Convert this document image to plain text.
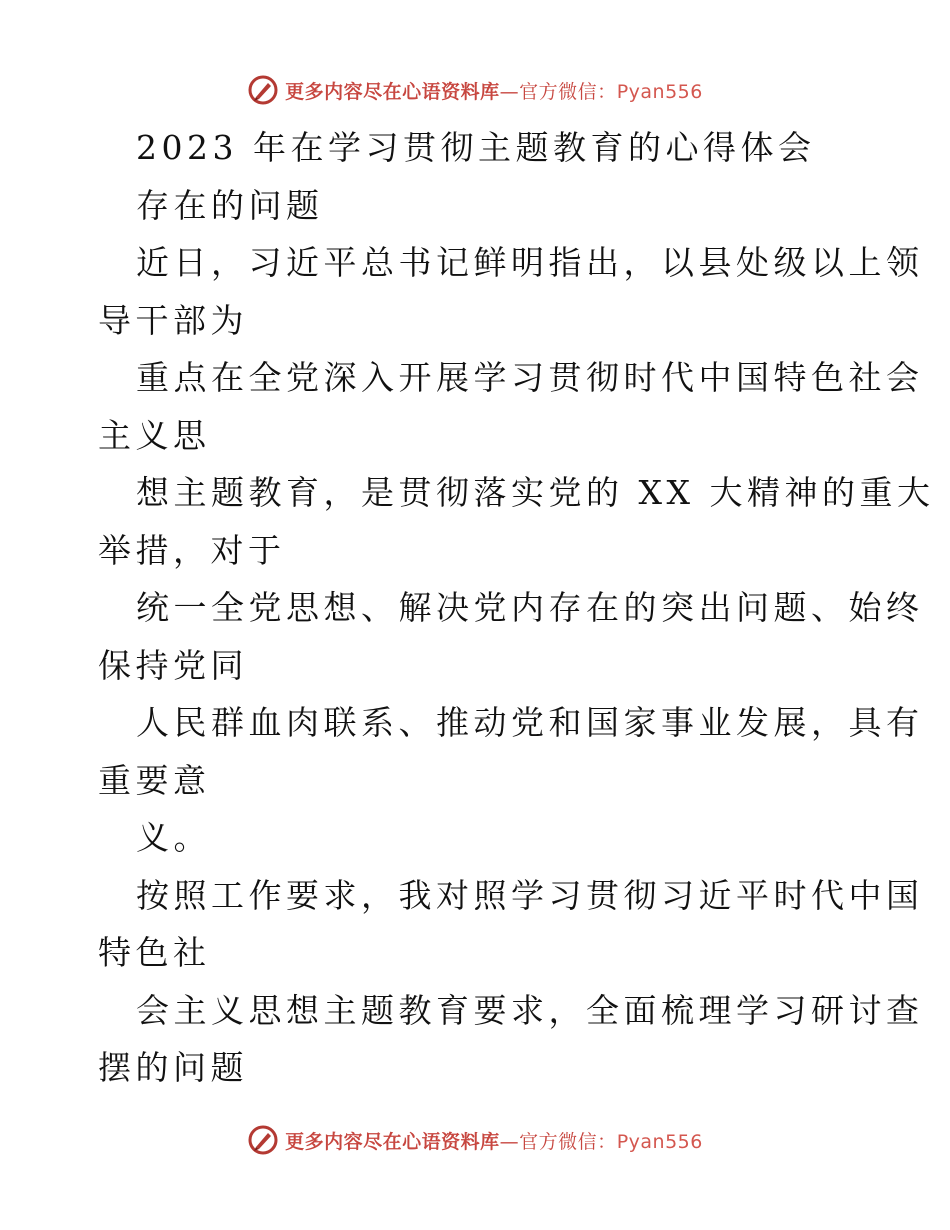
更多内容尽在心语资料库—官方微信：Pyan556
2023 年在学习贯彻主题教育的心得体会
存在的问题
近日，习近平总书记鲜明指出，以县处级以上领
导干部为
重点在全党深入开展学习贯彻时代中国特色社会
主义思
想主题教育，是贯彻落实党的 XX 大精神的重大
举措，对于
统一全党思想、解决党内存在的突出问题、始终
保持党同
人民群血肉联系、推动党和国家事业发展，具有
重要意
义。
按照工作要求，我对照学习贯彻习近平时代中国
特色社
会主义思想主题教育要求，全面梳理学习研讨查
摆的问题
更多内容尽在心语资料库—官方微信：Pyan556
